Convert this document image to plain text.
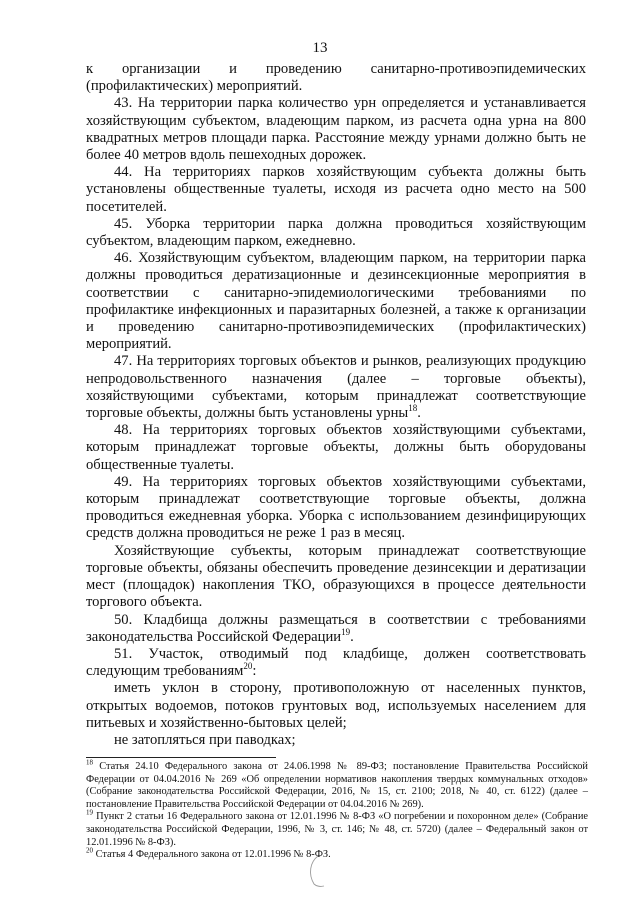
13

к организации и проведению санитарно-противоэпидемических (профилактических) мероприятий.

43. На территории парка количество урн определяется и устанавливается хозяйствующим субъектом, владеющим парком, из расчета одна урна на 800 квадратных метров площади парка. Расстояние между урнами должно быть не более 40 метров вдоль пешеходных дорожек.

44. На территориях парков хозяйствующим субъекта должны быть установлены общественные туалеты, исходя из расчета одно место на 500 посетителей.

45. Уборка территории парка должна проводиться хозяйствующим субъектом, владеющим парком, ежедневно.

46. Хозяйствующим субъектом, владеющим парком, на территории парка должны проводиться дератизационные и дезинсекционные мероприятия в соответствии с санитарно-эпидемиологическими требованиями по профилактике инфекционных и паразитарных болезней, а также к организации и проведению санитарно-противоэпидемических (профилактических) мероприятий.

47. На территориях торговых объектов и рынков, реализующих продукцию непродовольственного назначения (далее – торговые объекты), хозяйствующими субъектами, которым принадлежат соответствующие торговые объекты, должны быть установлены урны$^{18}$.

48. На территориях торговых объектов хозяйствующими субъектами, которым принадлежат торговые объекты, должны быть оборудованы общественные туалеты.

49. На территориях торговых объектов хозяйствующими субъектами, которым принадлежат соответствующие торговые объекты, должна проводиться ежедневная уборка. Уборка с использованием дезинфицирующих средств должна проводиться не реже 1 раз в месяц.

Хозяйствующие субъекты, которым принадлежат соответствующие торговые объекты, обязаны обеспечить проведение дезинсекции и дератизации мест (площадок) накопления ТКО, образующихся в процессе деятельности торгового объекта.

50. Кладбища должны размещаться в соответствии с требованиями законодательства Российской Федерации$^{19}$.

51. Участок, отводимый под кладбище, должен соответствовать следующим требованиям$^{20}$:

иметь уклон в сторону, противоположную от населенных пунктов, открытых водоемов, потоков грунтовых вод, используемых населением для питьевых и хозяйственно-бытовых целей;

не затопляться при паводках;

$^{18}$ Статья 24.10 Федерального закона от 24.06.1998 № 89-ФЗ; постановление Правительства Российской Федерации от 04.04.2016 № 269 «Об определении нормативов накопления твердых коммунальных отходов» (Собрание законодательства Российской Федерации, 2016, № 15, ст. 2100; 2018, № 40, ст. 6122) (далее – постановление Правительства Российской Федерации от 04.04.2016 № 269).

$^{19}$ Пункт 2 статьи 16 Федерального закона от 12.01.1996 № 8-ФЗ «О погребении и похоронном деле» (Собрание законодательства Российской Федерации, 1996, № 3, ст. 146; № 48, ст. 5720) (далее – Федеральный закон от 12.01.1996 № 8-ФЗ).

$^{20}$ Статья 4 Федерального закона от 12.01.1996 № 8-ФЗ.
